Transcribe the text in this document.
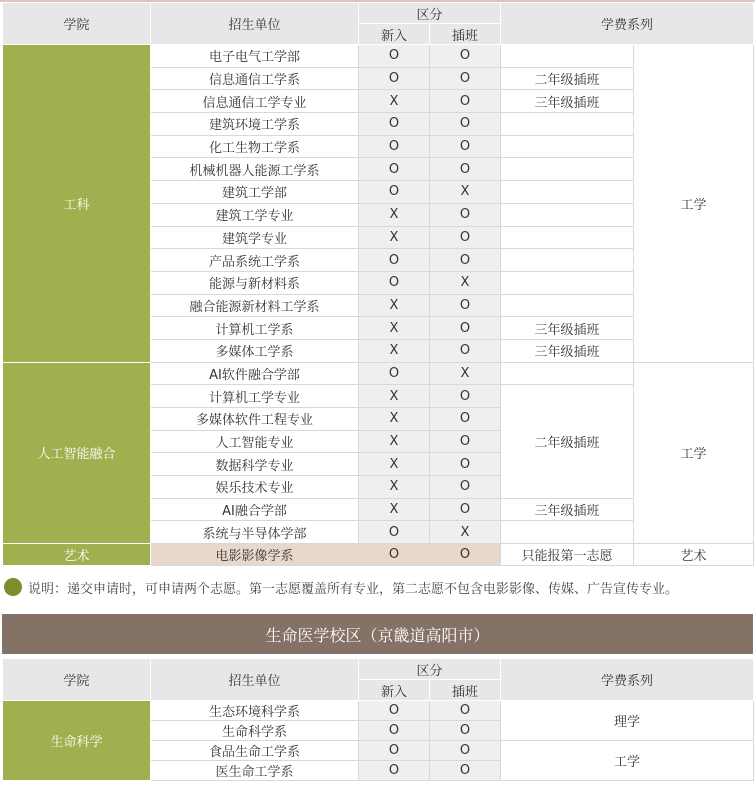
学院	招生单位	区分		学费系列	
		新入	插班		
工科	电子电气工学部	O	O		工学
	信息通信工学系	O	O	二年级插班	
	信息通信工学专业	X	O	三年级插班	
	建筑环境工学系	O	O		
	化工生物工学系	O	O		
	机械机器人能源工学系	O	O		
	建筑工学部	O	X		
	建筑工学专业	X	O		
	建筑学专业	X	O		
	产品系统工学系	O	O		
	能源与新材料系	O	X		
	融合能源新材料工学系	X	O		
	计算机工学系	X	O	三年级插班	
	多媒体工学系	X	O	三年级插班	
人工智能融合	AI软件融合学部	O	X		工学
	计算机工学专业	X	O	二年级插班	
	多媒体软件工程专业	X	O		
	人工智能专业	X	O		
	数据科学专业	X	O		
	娱乐技术专业	X	O		
	AI融合学部	X	O	三年级插班	
	系统与半导体学部	O	X		
艺术	电影影像学系	O	O	只能报第一志愿	艺术
说明：递交申请时，可申请两个志愿。第一志愿覆盖所有专业，第二志愿不包含电影影像、传媒、广告宣传专业。
生命医学校区（京畿道高阳市）
学院	招生单位	区分		学费系列
		新入	插班	
生命科学	生态环境科学系	O	O	理学
	生命科学系	O	O	
	食品生命工学系	O	O	工学
	医生命工学系	O	O	
